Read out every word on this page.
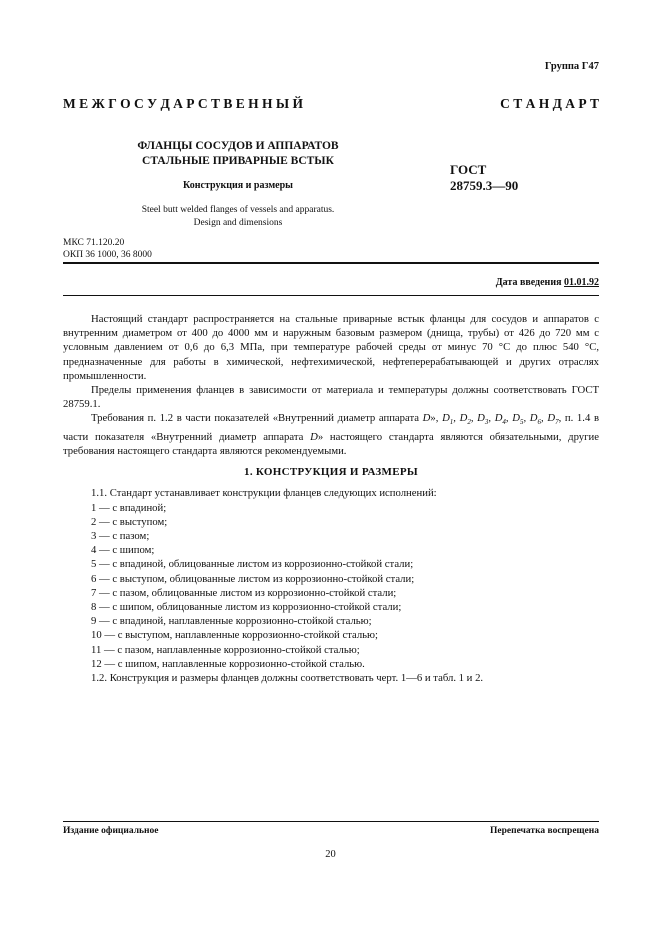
Группа Г47
М Е Ж Г О С У Д А Р С Т В Е Н Н Ы Й	С Т А Н Д А Р Т
ФЛАНЦЫ СОСУДОВ И АППАРАТОВ
СТАЛЬНЫЕ ПРИВАРНЫЕ ВСТЫК
Конструкция и размеры
Steel butt welded flanges of vessels and apparatus.
Design and dimensions
ГОСТ
28759.3—90
МКС 71.120.20
ОКП 36 1000, 36 8000
Дата введения 01.01.92

Настоящий стандарт распространяется на стальные приварные встык фланцы для сосудов и аппаратов с внутренним диаметром от 400 до 4000 мм и наружным базовым размером (днища, трубы) от 426 до 720 мм с условным давлением от 0,6 до 6,3 МПа, при температуре рабочей среды от минус 70 °С до плюс 540 °С, предназначенные для работы в химической, нефтехимической, нефтеперерабатывающей и других отраслях промышленности.

Пределы применения фланцев в зависимости от материала и температуры должны соответствовать ГОСТ 28759.1.

Требования п. 1.2 в части показателей «Внутренний диаметр аппарата D», $D_1$, $D_2$, $D_3$, $D_4$, $D_5$, $D_6$, $D_7$, п. 1.4 в части показателя «Внутренний диаметр аппарата D» настоящего стандарта являются обязательными, другие требования настоящего стандарта являются рекомендуемыми.

1. КОНСТРУКЦИЯ И РАЗМЕРЫ

1.1. Стандарт устанавливает конструкции фланцев следующих исполнений:

1 — с впадиной;

2 — с выступом;

3 — с пазом;

4 — с шипом;

5 — с впадиной, облицованные листом из коррозионно-стойкой стали;

6 — с выступом, облицованные листом из коррозионно-стойкой стали;

7 — с пазом, облицованные листом из коррозионно-стойкой стали;

8 — с шипом, облицованные листом из коррозионно-стойкой стали;

9 — с впадиной, наплавленные коррозионно-стойкой сталью;

10 — с выступом, наплавленные коррозионно-стойкой сталью;

11 — с пазом, наплавленные коррозионно-стойкой сталью;

12 — с шипом, наплавленные коррозионно-стойкой сталью.

1.2. Конструкция и размеры фланцев должны соответствовать черт. 1—6 и табл. 1 и 2.

Издание официальное	Перепечатка воспрещена
20
